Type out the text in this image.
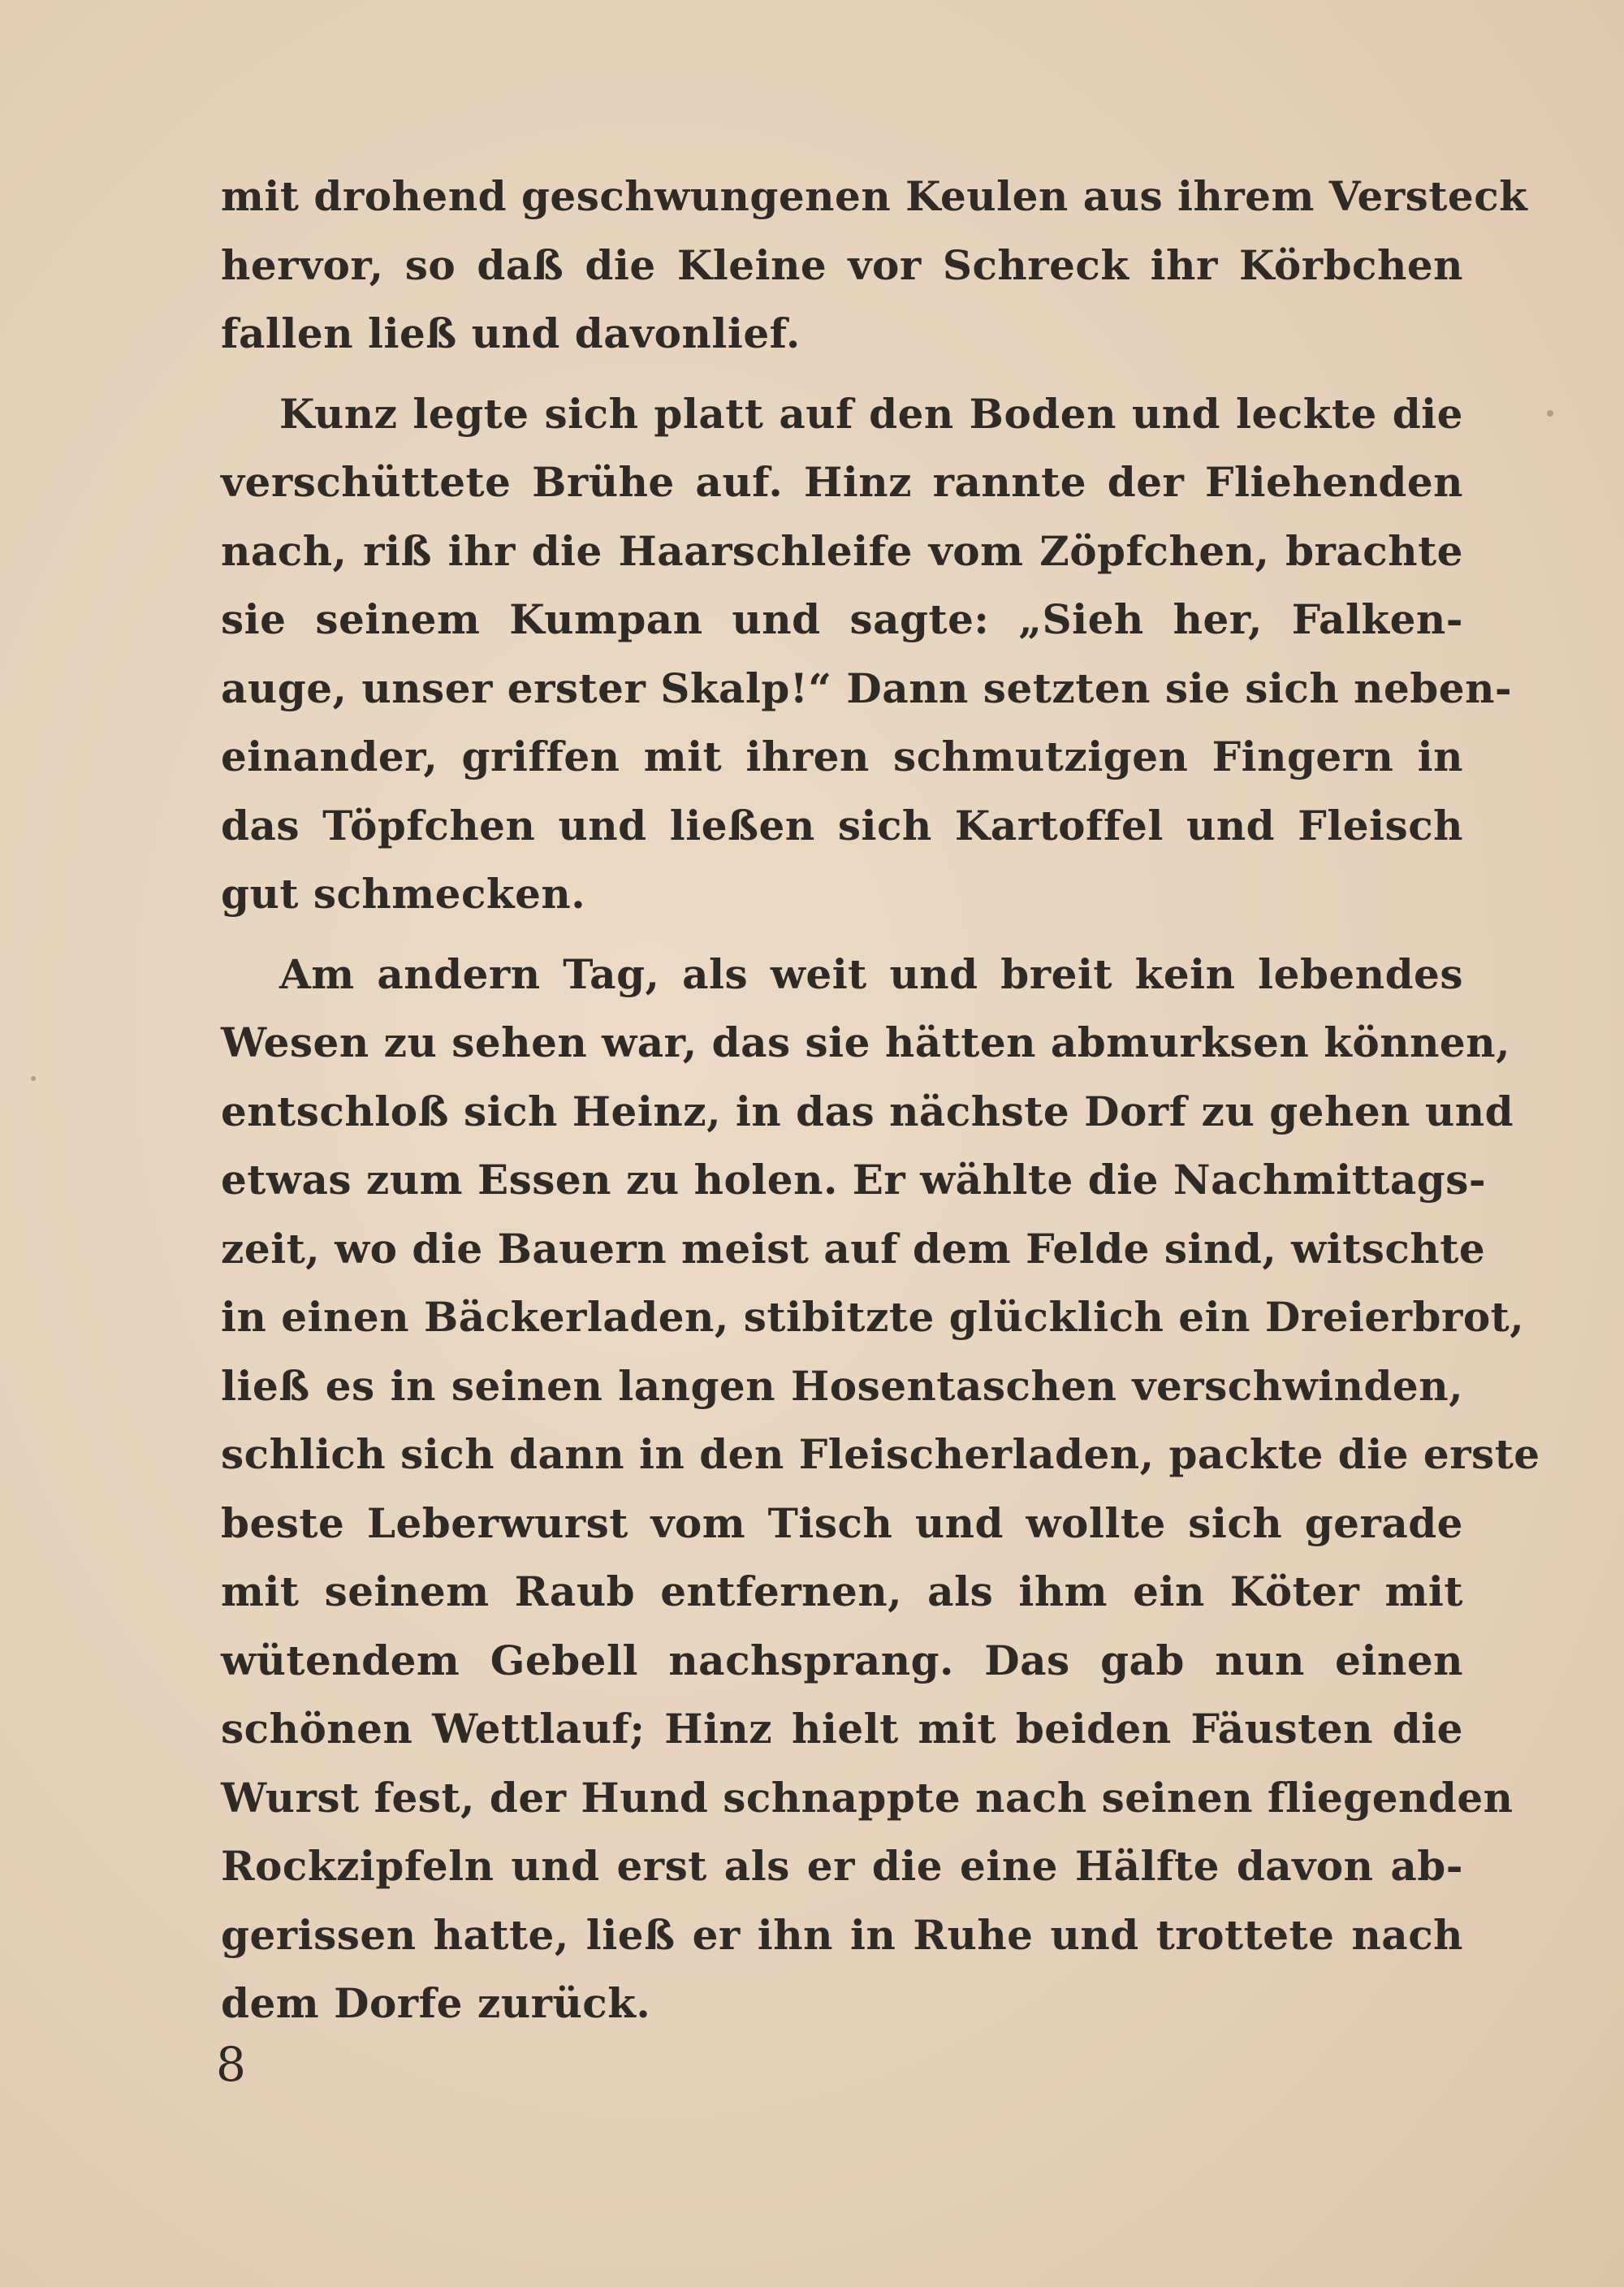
mit drohend geschwungenen Keulen aus ihrem Versteck
hervor, so daß die Kleine vor Schreck ihr Körbchen
fallen ließ und davonlief.
Kunz legte sich platt auf den Boden und leckte die
verschüttete Brühe auf. Hinz rannte der Fliehenden
nach, riß ihr die Haarschleife vom Zöpfchen, brachte
sie seinem Kumpan und sagte: „Sieh her, Falken-
auge, unser erster Skalp!“ Dann setzten sie sich neben-
einander, griffen mit ihren schmutzigen Fingern in
das Töpfchen und ließen sich Kartoffel und Fleisch
gut schmecken.
Am andern Tag, als weit und breit kein lebendes
Wesen zu sehen war, das sie hätten abmurksen können,
entschloß sich Heinz, in das nächste Dorf zu gehen und
etwas zum Essen zu holen. Er wählte die Nachmittags-
zeit, wo die Bauern meist auf dem Felde sind, witschte
in einen Bäckerladen, stibitzte glücklich ein Dreierbrot,
ließ es in seinen langen Hosentaschen verschwinden,
schlich sich dann in den Fleischerladen, packte die erste
beste Leberwurst vom Tisch und wollte sich gerade
mit seinem Raub entfernen, als ihm ein Köter mit
wütendem Gebell nachsprang. Das gab nun einen
schönen Wettlauf; Hinz hielt mit beiden Fäusten die
Wurst fest, der Hund schnappte nach seinen fliegenden
Rockzipfeln und erst als er die eine Hälfte davon ab-
gerissen hatte, ließ er ihn in Ruhe und trottete nach
dem Dorfe zurück.
8
